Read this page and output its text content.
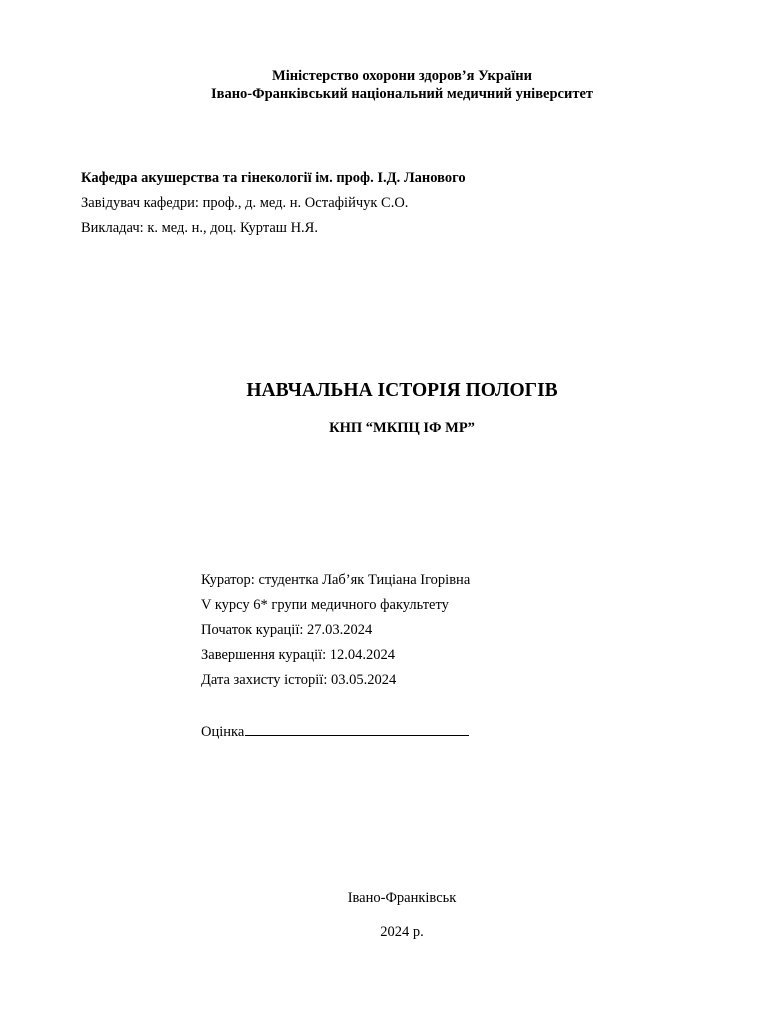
Міністерство охорони здоров’я України
Івано-Франківський національний медичний університет
Кафедра акушерства та гінекології ім. проф. І.Д. Ланового
Завідувач кафедри: проф., д. мед. н. Остафійчук С.О.
Викладач: к. мед. н., доц. Курташ Н.Я.
НАВЧАЛЬНА ІСТОРІЯ ПОЛОГІВ
КНП “МКПЦ ІФ МР”
Куратор: студентка Лаб’як Тиціана Ігорівна
V курсу 6* групи медичного факультету
Початок курації: 27.03.2024
Завершення курації: 12.04.2024
Дата захисту історії: 03.05.2024
Оцінка
Івано-Франківськ
2024 р.
